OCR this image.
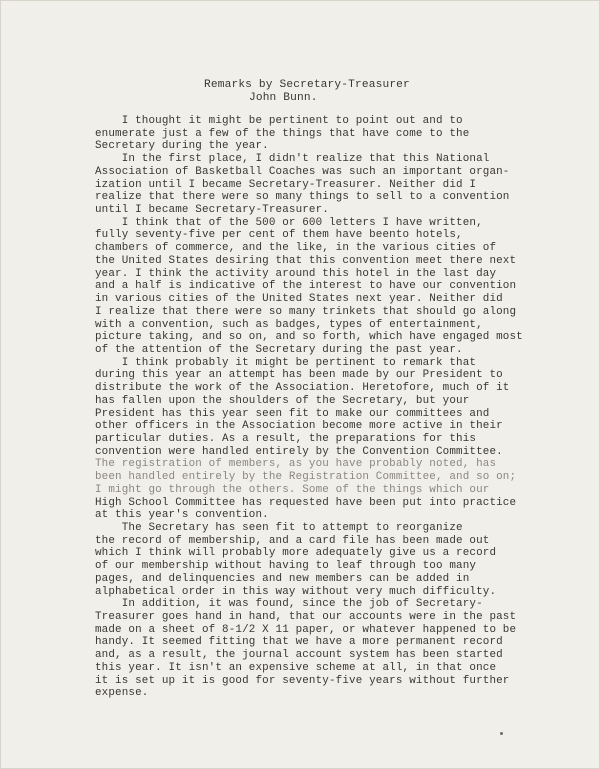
Remarks by Secretary-Treasurer
John Bunn.
I thought it might be pertinent to point out and to
enumerate just a few of the things that have come to the
Secretary during the year.
In the first place, I didn't realize that this National
Association of Basketball Coaches was such an important organ-
ization until I became Secretary-Treasurer. Neither did I
realize that there were so many things to sell to a convention
until I became Secretary-Treasurer.
I think that of the 500 or 600 letters I have written,
fully seventy-five per cent of them have beento hotels,
chambers of commerce, and the like, in the various cities of
the United States desiring that this convention meet there next
year. I think the activity around this hotel in the last day
and a half is indicative of the interest to have our convention
in various cities of the United States next year. Neither did
I realize that there were so many trinkets that should go along
with a convention, such as badges, types of entertainment,
picture taking, and so on, and so forth, which have engaged most
of the attention of the Secretary during the past year.
I think probably it might be pertinent to remark that
during this year an attempt has been made by our President to
distribute the work of the Association. Heretofore, much of it
has fallen upon the shoulders of the Secretary, but your
President has this year seen fit to make our committees and
other officers in the Association become more active in their
particular duties. As a result, the preparations for this
convention were handled entirely by the Convention Committee.
The registration of members, as you have probably noted, has
been handled entirely by the Registration Committee, and so on;
I might go through the others. Some of the things which our
High School Committee has requested have been put into practice
at this year's convention.
The Secretary has seen fit to attempt to reorganize
the record of membership, and a card file has been made out
which I think will probably more adequately give us a record
of our membership without having to leaf through too many
pages, and delinquencies and new members can be added in
alphabetical order in this way without very much difficulty.
In addition, it was found, since the job of Secretary-
Treasurer goes hand in hand, that our accounts were in the past
made on a sheet of 8-1/2 X 11 paper, or whatever happened to be
handy. It seemed fitting that we have a more permanent record
and, as a result, the journal account system has been started
this year. It isn't an expensive scheme at all, in that once
it is set up it is good for seventy-five years without further
expense.
